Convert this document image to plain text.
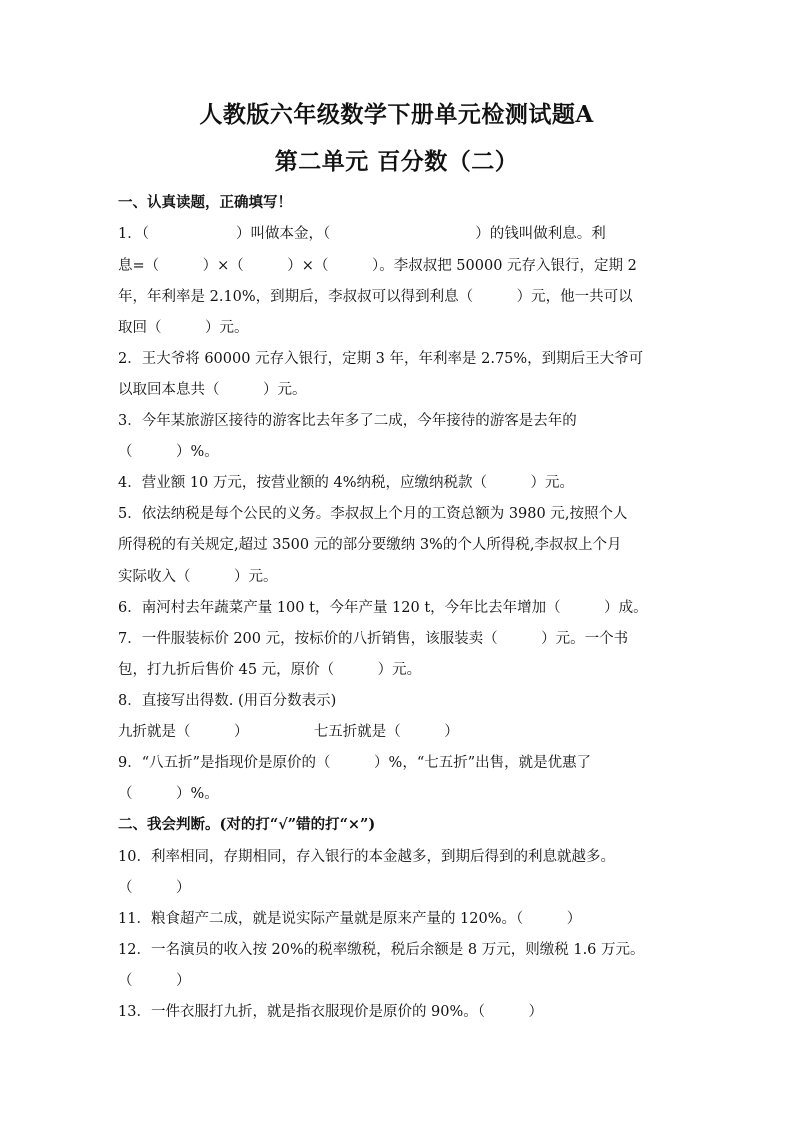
人教版六年级数学下册单元检测试题A
第二单元 百分数（二）
一、认真读题，正确填写！
1．（　　　　　　）叫做本金，（　　　　　　　　　　）的钱叫做利息。利
息=（　　　）×（　　　）×（　　　）。李叔叔把 50000 元存入银行，定期 2
年，年利率是 2.10%，到期后，李叔叔可以得到利息（　　　）元，他一共可以
取回（　　　）元。
2．王大爷将 60000 元存入银行，定期 3 年，年利率是 2.75%，到期后王大爷可
以取回本息共（　　　）元。
3．今年某旅游区接待的游客比去年多了二成，今年接待的游客是去年的
（　　　）%。
4．营业额 10 万元，按营业额的 4%纳税，应缴纳税款（　　　）元。
5．依法纳税是每个公民的义务。李叔叔上个月的工资总额为 3980 元,按照个人
所得税的有关规定,超过 3500 元的部分要缴纳 3%的个人所得税,李叔叔上个月
实际收入（　　　）元。
6．南河村去年蔬菜产量 100 t，今年产量 120 t，今年比去年增加（　　　）成。
7．一件服装标价 200 元，按标价的八折销售，该服装卖（　　　）元。一个书
包，打九折后售价 45 元，原价（　　　）元。
8．直接写出得数. (用百分数表示)
九折就是（　　　）　　　　　七五折就是（　　　）
9．“八五折”是指现价是原价的（　　　）%，“七五折”出售，就是优惠了
（　　　）%。
二、我会判断。(对的打“√”错的打“×”)
10．利率相同，存期相同，存入银行的本金越多，到期后得到的利息就越多。
（　　　）
11．粮食超产二成，就是说实际产量就是原来产量的 120%。（　　　）
12．一名演员的收入按 20%的税率缴税，税后余额是 8 万元，则缴税 1.6 万元。
（　　　）
13．一件衣服打九折，就是指衣服现价是原价的 90%。（　　　）
